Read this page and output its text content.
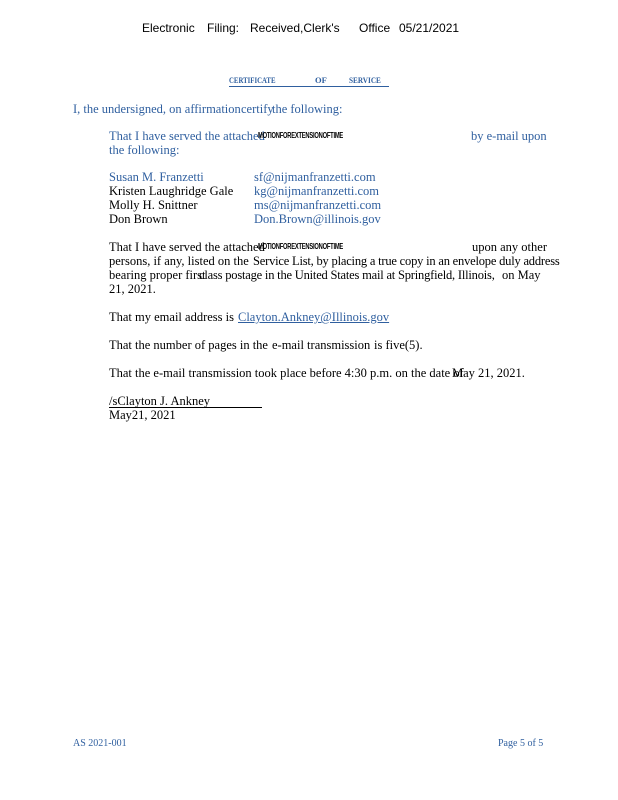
Electronic Filing: Received,Clerk's Office 05/21/2021
CERTIFICATE	OF	SERVICE
I, the undersigned, on affirmation certify
the following:
That I have served the attached
MOTIONFOREXTENSIONOFTIME	by e-mail upon
the following:
Susan M. Franzetti	sf@nijmanfranzetti.com
Kristen Laughridge Gale kg@nijmanfranzetti.com
Molly H. Snittner	ms@nijmanfranzetti.com
Don Brown	Don.Brown@illinois.gov
That I have served the attached
MOTIONFOREXTENSIONOFTIME	upon any other
persons, if any, listed on the Service List, by placing a true copy in an envelope duly address
bearing proper first
class postage in the United States mail at Springfield, Illinois, on May
21, 2021.
That my email address is Clayton.Ankney@Illinois.gov
That the number of pages in the e-mail transmission is five(5).
That the e-mail transmission took place before 4:30 p.m. on the date of
May 21, 2021.
/sClayton J. Ankney
May21, 2021
AS 2021-001	Page 5 of 5
